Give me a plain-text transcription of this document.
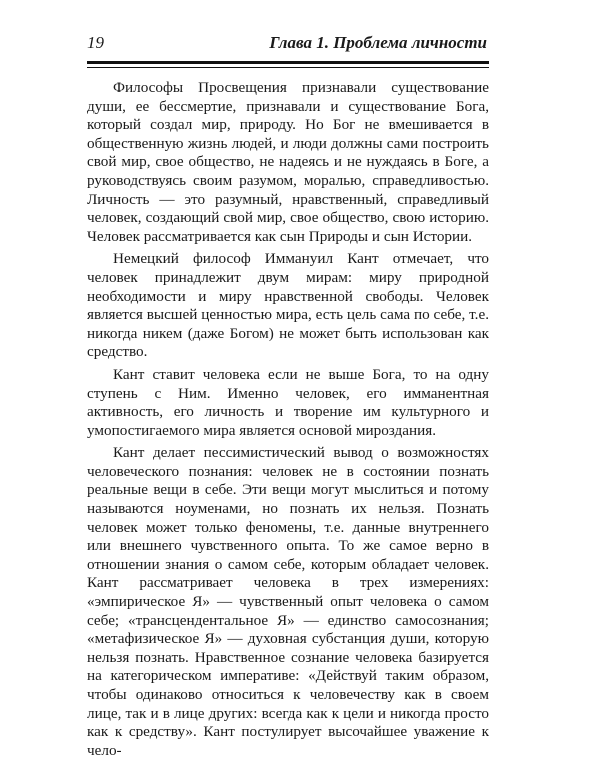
19	Глава 1. Проблема личности

Философы Просвещения признавали существование души, ее бессмертие, признавали и существование Бога, который создал мир, природу. Но Бог не вмешивается в общественную жизнь людей, и люди должны сами построить свой мир, свое общество, не надеясь и не нуждаясь в Боге, а руководствуясь своим разумом, моралью, справедливостью. Личность — это разумный, нравственный, справедливый человек, создающий свой мир, свое общество, свою историю. Человек рассматривается как сын Природы и сын Истории.

Немецкий философ Иммануил Кант отмечает, что человек принадлежит двум мирам: миру природной необходимости и миру нравственной свободы. Человек является высшей ценностью мира, есть цель сама по себе, т.е. никогда никем (даже Богом) не может быть использован как средство.

Кант ставит человека если не выше Бога, то на одну ступень с Ним. Именно человек, его имманентная активность, его личность и творение им культурного и умопостигаемого мира является основой мироздания.

Кант делает пессимистический вывод о возможностях человеческого познания: человек не в состоянии познать реальные вещи в себе. Эти вещи могут мыслиться и потому называются ноуменами, но познать их нельзя. Познать человек может только феномены, т.е. данные внутреннего или внешнего чувственного опыта. То же самое верно в отношении знания о самом себе, которым обладает человек. Кант рассматривает человека в трех измерениях: «эмпирическое Я» — чувственный опыт человека о самом себе; «трансцендентальное Я» — единство самосознания; «метафизическое Я» — духовная субстанция души, которую нельзя познать. Нравственное сознание человека базируется на категорическом императиве: «Действуй таким образом, чтобы одинаково относиться к человечеству как в своем лице, так и в лице других: всегда как к цели и никогда просто как к средству». Кант постулирует высочайшее уважение к чело-
